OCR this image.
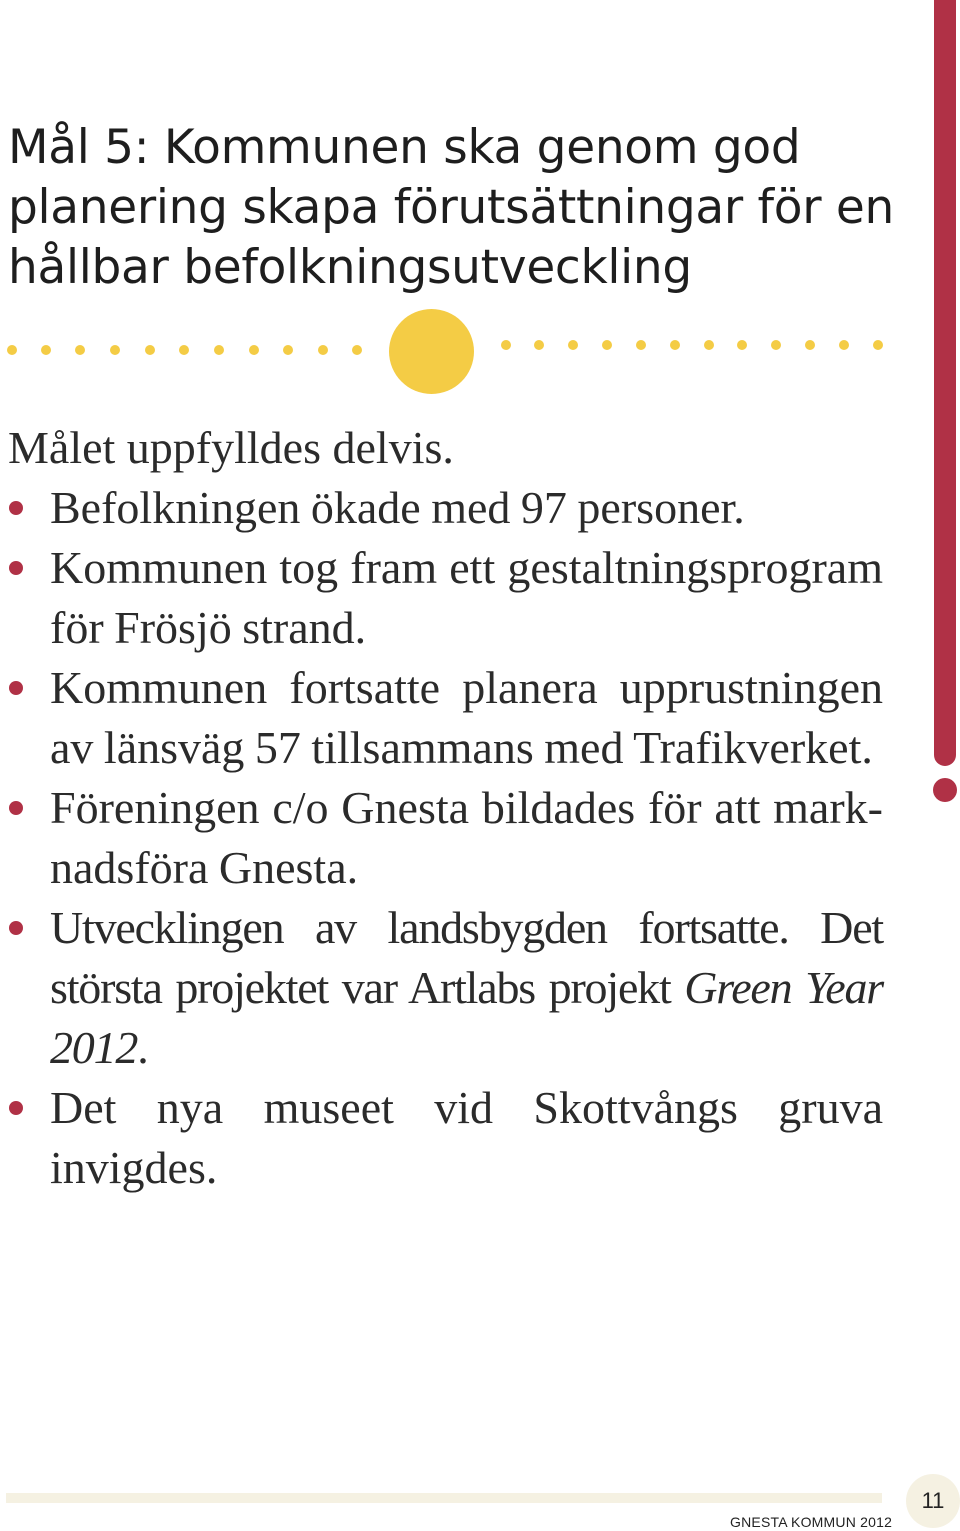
Mål 5: Kommunen ska genom god planering skapa förutsättningar för en hållbar befolkningsutveckling

Målet uppfylldes delvis.

Befolkningen ökade med 97 personer.
Kommunen tog fram ett gestaltningsprogram för Frösjö strand.
Kommunen fortsatte planera upprustningen av länsväg 57 tillsammans med Trafikverket.
Föreningen c/o Gnesta bildades för att mark-nadsföra Gnesta.
Utvecklingen av landsbygden fortsatte. Det största projektet var Artlabs projekt Green Year 2012.
Det nya museet vid Skottvångs gruva invigdes.
GNESTA KOMMUN 2012
11
